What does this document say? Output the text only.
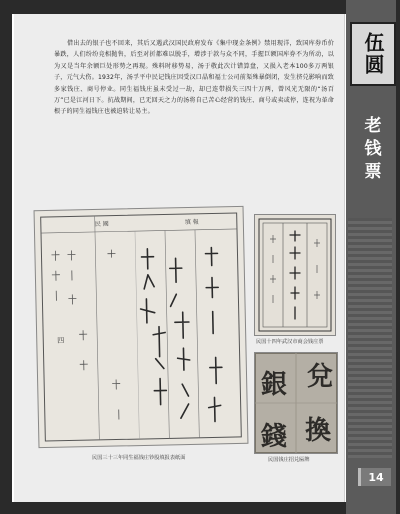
伍圆
老钱票
14

借出去的银子也不回来，其后又遇武汉国民政府发布《集中现金条例》禁用现洋，致国库券币价暴跌，人们纷纷竞相抛售，后至对折都难以脱手，增涉于款与众不同，手握巨额国库券不为所动，以为又是当年余额巨处形势之再现。殊料时移势易，汤于敬此次计错算盘，又损入老本100多万两银子，元气大伤。1932年，汤孚平中民记钱庄因受汉口晶和福士公司前渠殊暴倒闭，发生挤兑影响而致多家钱庄、商号停业。同生福钱庄虽未受过一劫，却已连带损失三四十万两，曾风光无限的“汤百万”已是江河日下。抗战期间，已无回天之力的汤将自己苦心经营的钱庄、商号或卖或停，连祝为革命根子的同生福钱庄也被迫转让易主。

四
民 國	填 報
民国三十三年同生福钱庄钞股填报表纸面
民国十四年武汉市商会钱庄票
兌
換
銀
錢
民国钱庄招兑匾牌
